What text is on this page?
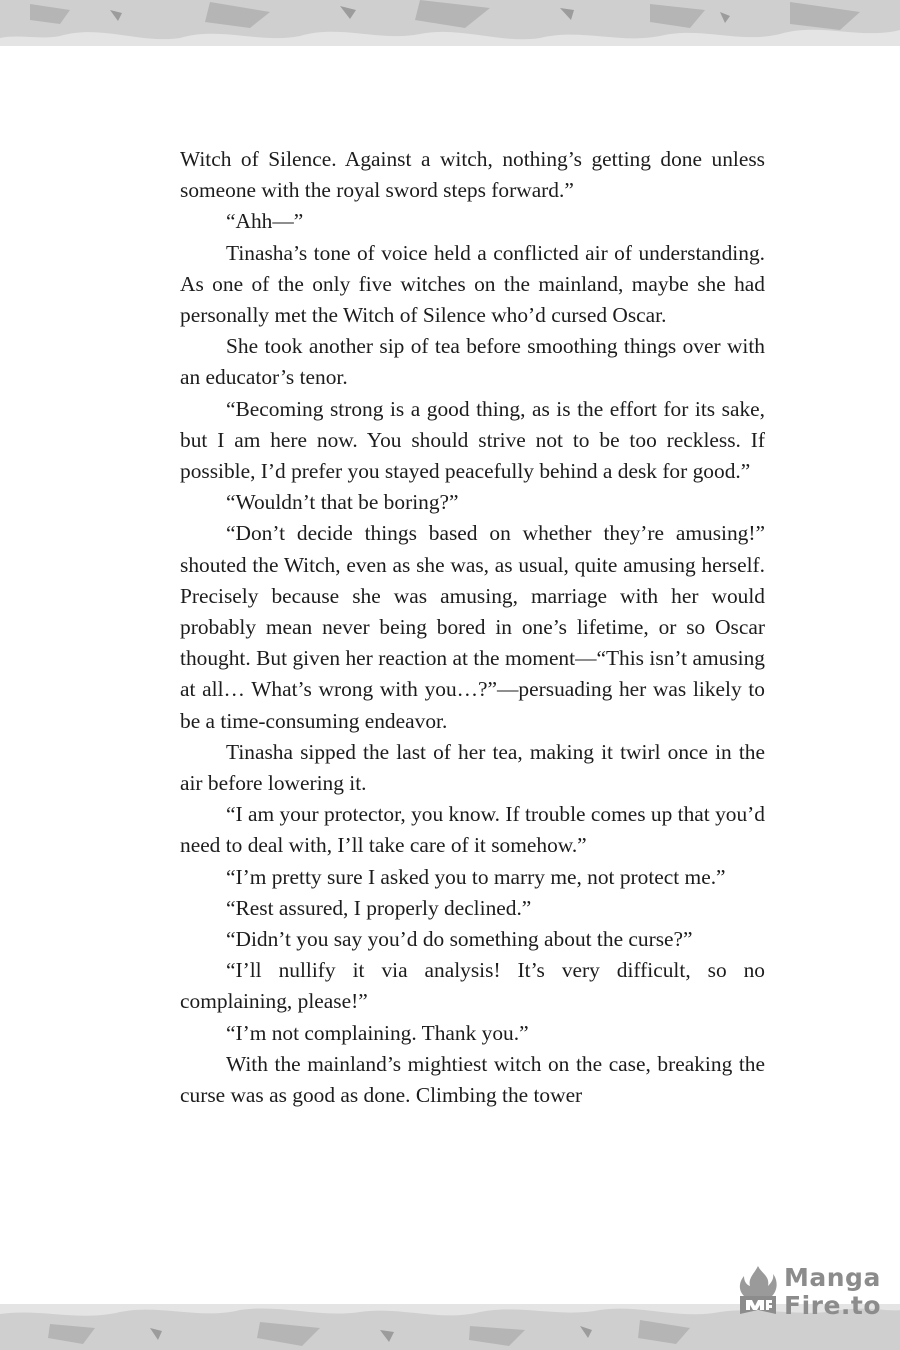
Witch of Silence. Against a witch, nothing’s getting done unless someone with the royal sword steps forward.”

“Ahh—”

Tinasha’s tone of voice held a conflicted air of understanding. As one of the only five witches on the mainland, maybe she had personally met the Witch of Silence who’d cursed Oscar.

She took another sip of tea before smoothing things over with an educator’s tenor.

“Becoming strong is a good thing, as is the effort for its sake, but I am here now. You should strive not to be too reckless. If possible, I’d prefer you stayed peacefully behind a desk for good.”

“Wouldn’t that be boring?”

“Don’t decide things based on whether they’re amusing!” shouted the Witch, even as she was, as usual, quite amusing herself. Precisely because she was amusing, marriage with her would probably mean never being bored in one’s lifetime, or so Oscar thought. But given her reaction at the moment—“This isn’t amusing at all… What’s wrong with you…?”—persuading her was likely to be a time-consuming endeavor.

Tinasha sipped the last of her tea, making it twirl once in the air before lowering it.

“I am your protector, you know. If trouble comes up that you’d need to deal with, I’ll take care of it somehow.”

“I’m pretty sure I asked you to marry me, not protect me.”

“Rest assured, I properly declined.”

“Didn’t you say you’d do something about the curse?”

“I’ll nullify it via analysis! It’s very difficult, so no complaining, please!”

“I’m not complaining. Thank you.”

With the mainland’s mightiest witch on the case, breaking the curse was as good as done. Climbing the tower

Manga
Fire.to
